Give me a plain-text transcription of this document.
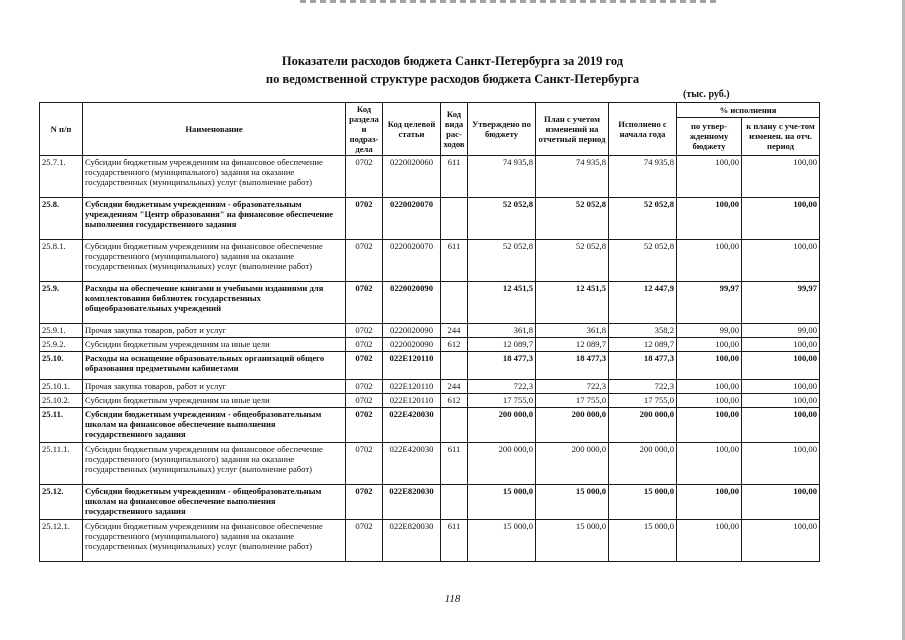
Показатели расходов бюджета Санкт-Петербурга за 2019 год
по ведомственной структуре расходов бюджета Санкт-Петербурга
(тыс. руб.)
N п/п	Наименование	Код раздела и подраз-дела	Код целевой статьи	Код вида рас-ходов	Утверждено по бюджету	План с учетом изменений на отчетный период	Исполнено с начала года	% исполнения	
								по утвер-жденному бюджету	к плану с уче-том изменен. на отч. период
25.7.1.	Субсидии бюджетным учреждениям на финансовое обеспечение государственного (муниципального) задания на оказание государственных (муниципальных) услуг (выполнение работ)	0702	0220020060	611	74 935,8	74 935,8	74 935,8	100,00	100,00
25.8.	Субсидии бюджетным учреждениям - образовательным учреждениям "Центр образования" на финансовое обеспечение выполнения государственного задания	0702	0220020070		52 052,8	52 052,8	52 052,8	100,00	100,00
25.8.1.	Субсидии бюджетным учреждениям на финансовое обеспечение государственного (муниципального) задания на оказание государственных (муниципальных) услуг (выполнение работ)	0702	0220020070	611	52 052,8	52 052,8	52 052,8	100,00	100,00
25.9.	Расходы на обеспечение книгами и учебными изданиями для комплектования библиотек государственных общеобразовательных учреждений	0702	0220020090		12 451,5	12 451,5	12 447,9	99,97	99,97
25.9.1.	Прочая закупка товаров, работ и услуг	0702	0220020090	244	361,8	361,8	358,2	99,00	99,00
25.9.2.	Субсидии бюджетным учреждениям на иные цели	0702	0220020090	612	12 089,7	12 089,7	12 089,7	100,00	100,00
25.10.	Расходы на оснащение образовательных организаций общего образования предметными кабинетами	0702	022E120110		18 477,3	18 477,3	18 477,3	100,00	100,00
25.10.1.	Прочая закупка товаров, работ и услуг	0702	022E120110	244	722,3	722,3	722,3	100,00	100,00
25.10.2.	Субсидии бюджетным учреждениям на иные цели	0702	022E120110	612	17 755,0	17 755,0	17 755,0	100,00	100,00
25.11.	Субсидии бюджетным учреждениям - общеобразовательным школам на финансовое обеспечение выполнения государственного задания	0702	022E420030		200 000,0	200 000,0	200 000,0	100,00	100,00
25.11.1.	Субсидии бюджетным учреждениям на финансовое обеспечение государственного (муниципального) задания на оказание государственных (муниципальных) услуг (выполнение работ)	0702	022E420030	611	200 000,0	200 000,0	200 000,0	100,00	100,00
25.12.	Субсидии бюджетным учреждениям - общеобразовательным школам на финансовое обеспечение выполнения государственного задания	0702	022E820030		15 000,0	15 000,0	15 000,0	100,00	100,00
25.12.1.	Субсидии бюджетным учреждениям на финансовое обеспечение государственного (муниципального) задания на оказание государственных (муниципальных) услуг (выполнение работ)	0702	022E820030	611	15 000,0	15 000,0	15 000,0	100,00	100,00
118
